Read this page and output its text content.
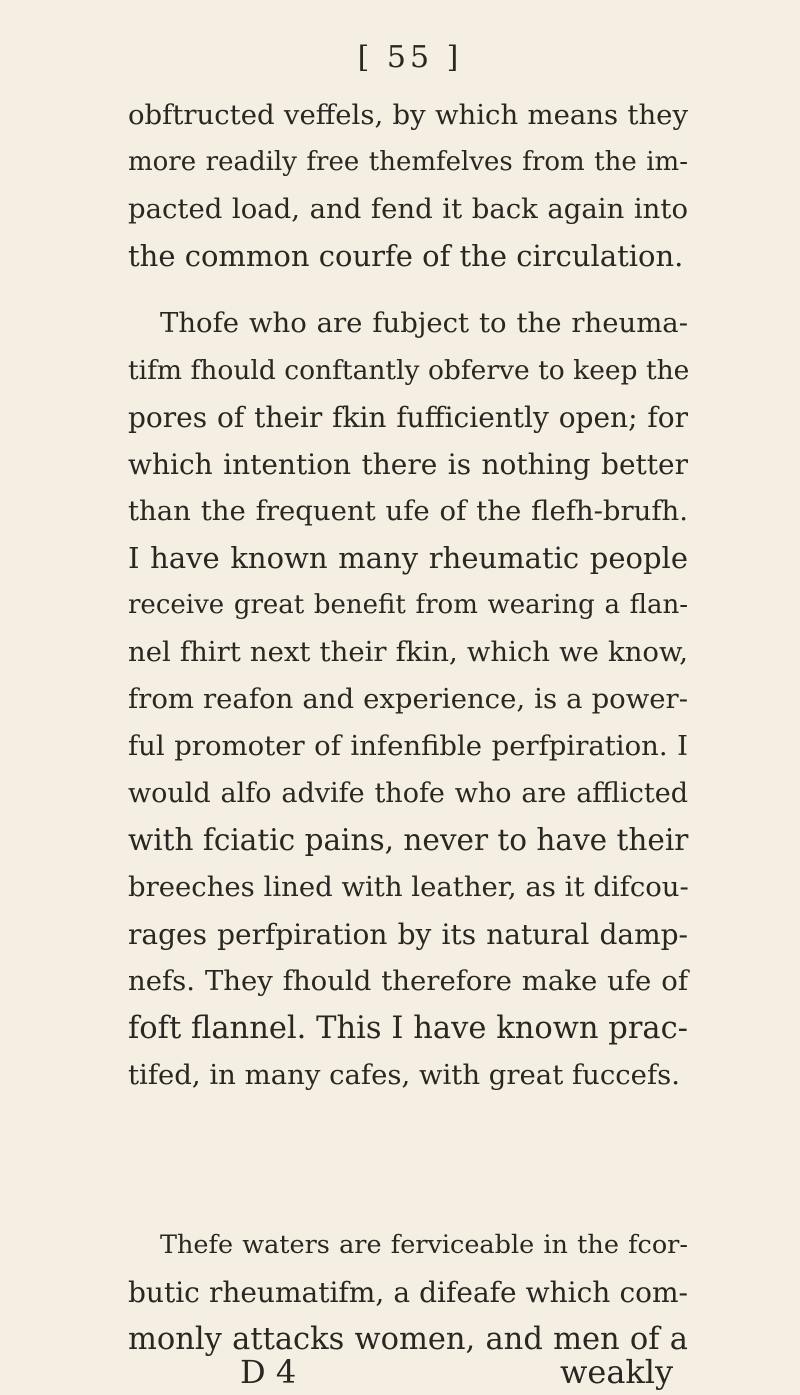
[ 55 ]
obftructed veffels, by which means they
more readily free themfelves from the im-
pacted load, and fend it back again into
the common courfe of the circulation.
Thofe who are fubject to the rheuma-
tifm fhould conftantly obferve to keep the
pores of their fkin fufficiently open; for
which intention there is nothing better
than the frequent ufe of the flefh-brufh.
I have known many rheumatic people
receive great benefit from wearing a flan-
nel fhirt next their fkin, which we know,
from reafon and experience, is a power-
ful promoter of infenfible perfpiration. I
would alfo advife thofe who are afflicted
with fciatic pains, never to have their
breeches lined with leather, as it difcou-
rages perfpiration by its natural damp-
nefs. They fhould therefore make ufe of
foft flannel. This I have known prac-
tifed, in many cafes, with great fuccefs.
Thefe waters are ferviceable in the fcor-
butic rheumatifm, a difeafe which com-
monly attacks women, and men of a
D 4	weakly
